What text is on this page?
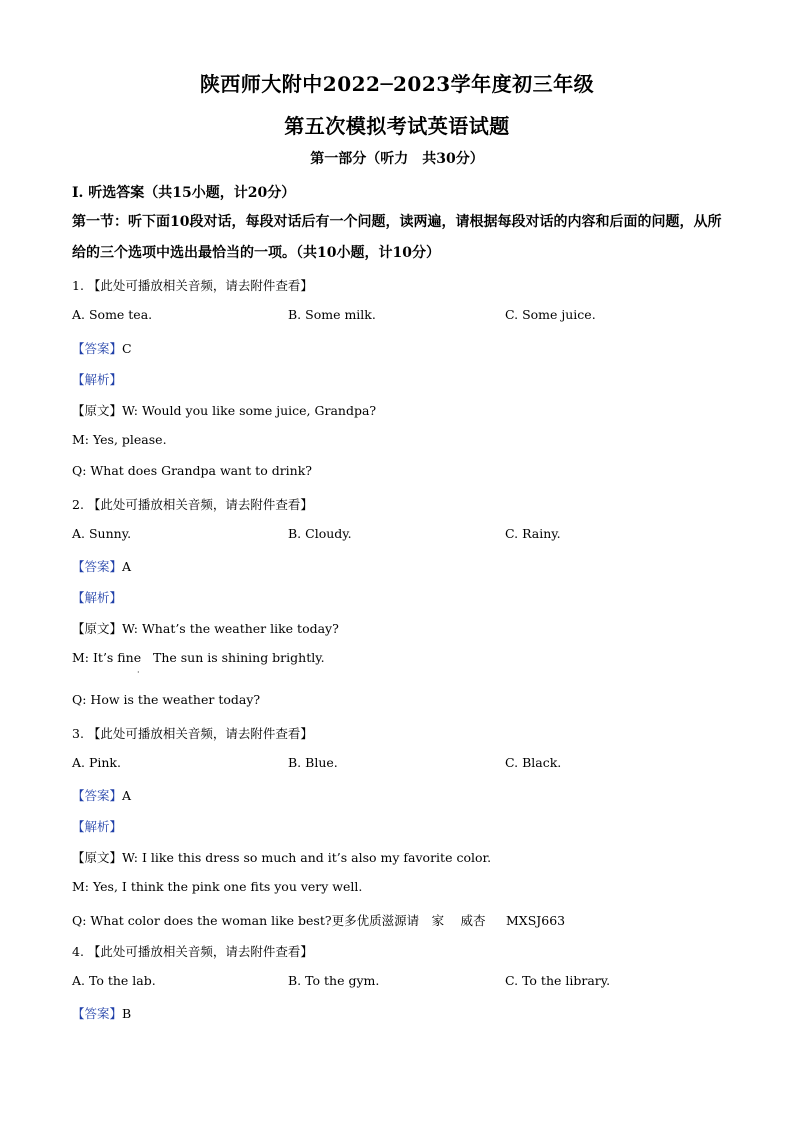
陕西师大附中2022─2023学年度初三年级
第五次模拟考试英语试题
第一部分（听力　共30分）
I. 听选答案（共15小题，计20分）
第一节：听下面10段对话，每段对话后有一个问题，读两遍，请根据每段对话的内容和后面的问题，从所给的三个选项中选出最恰当的一项。（共10小题，计10分）
1. 【此处可播放相关音频，请去附件查看】
A. Some tea.	B. Some milk.	C. Some juice.
【答案】C
【解析】
【原文】W: Would you like some juice, Grandpa?
M: Yes, please.
Q: What does Grandpa want to drink?
2. 【此处可播放相关音频，请去附件查看】
A. Sunny.	B. Cloudy.	C. Rainy.
【答案】A
【解析】
【原文】W: What’s the weather like today?
M: It’s fine   The sun is shining brightly.
·
Q: How is the weather today?
3. 【此处可播放相关音频，请去附件查看】
A. Pink.	B. Blue.	C. Black.
【答案】A
【解析】
【原文】W: I like this dress so much and it’s also my favorite color.
M: Yes, I think the pink one fits you very well.
Q: What color does the woman like best?更多优质滋源请　家　 威杏　  MXSJ663
4. 【此处可播放相关音频，请去附件查看】
A. To the lab.	B. To the gym.	C. To the library.
【答案】B
